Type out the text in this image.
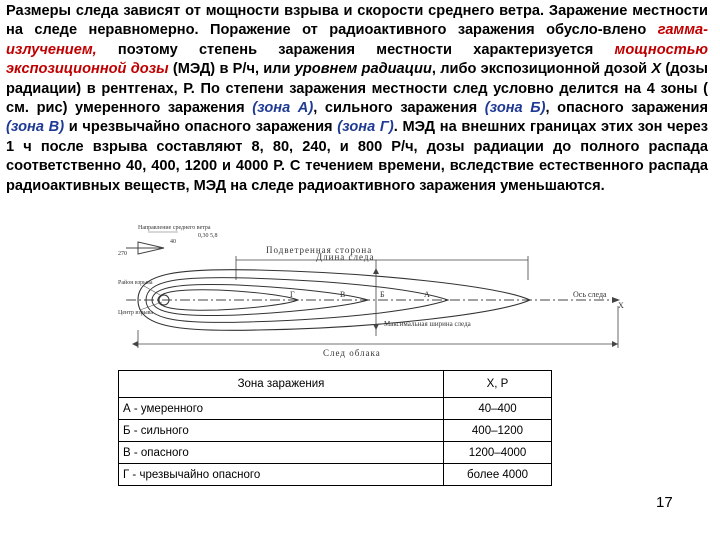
Размеры следа зависят от мощности взрыва и скорости среднего ветра. Заражение местности на следе неравномерно. Поражение от радиоактивного заражения обусло-влено гамма-излучением, поэтому степень заражения местности характеризуется мощностью экспозиционной дозы (МЭД) в Р/ч, или уровнем радиации, либо экспозиционной дозой Х (дозы радиации) в рентгенах, Р. По степени заражения местности след условно делится на 4 зоны ( см. рис) умеренного заражения (зона А), сильного заражения (зона Б), опасного заражения (зона В) и чрезвычайно опасного заражения (зона Г). МЭД на внешних границах этих зон через 1 ч после взрыва составляют 8, 80, 240, и 800 Р/ч, дозы радиации до полного распада соответственно 40, 400, 1200 и 4000 Р. С течением времени, вследствие естественного распада радиоактивных веществ, МЭД на следе радиоактивного заражения уменьшаются.

Направление среднего ветра
0,30 5,8
40
270	Подветренная сторона
Длина следа
Ось следа
X
Г	В	Б	А
Район взрыва
Центр взрыва
Максимальная ширина следа
След облака
Зона заражения	Х, Р
А - умеренного	40–400
Б - сильного	400–1200
В - опасного	1200–4000
Г - чрезвычайно опасного	более 4000
17
